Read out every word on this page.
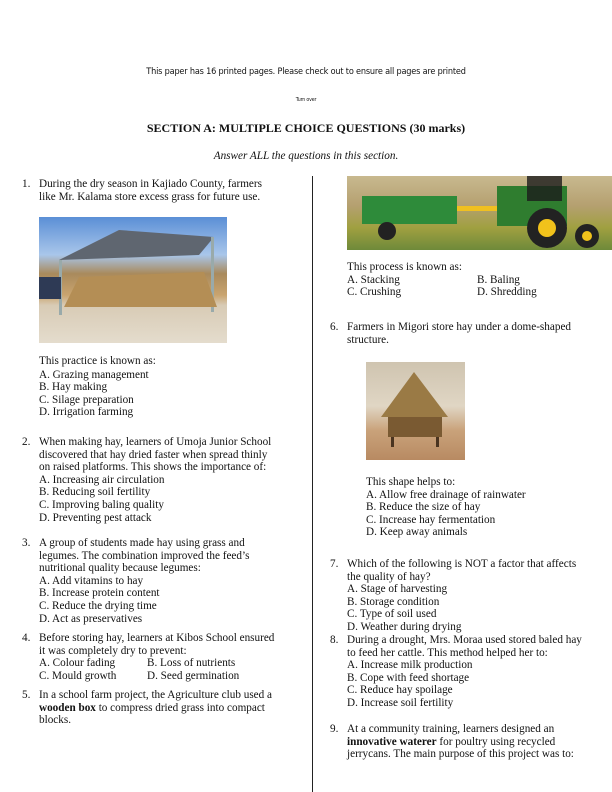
This paper has 16 printed pages. Please check out to ensure all pages are printed
Turn over
SECTION A: MULTIPLE CHOICE QUESTIONS (30 marks)
Answer ALL the questions in this section.
1. During the dry season in Kajiado County, farmers
like Mr. Kalama store excess grass for future use.
This practice is known as:
A. Grazing management
B. Hay making
C. Silage preparation
D. Irrigation farming
2. When making hay, learners of Umoja Junior School
discovered that hay dried faster when spread thinly
on raised platforms. This shows the importance of:
A. Increasing air circulation
B. Reducing soil fertility
C. Improving baling quality
D. Preventing pest attack
3. A group of students made hay using grass and
legumes. The combination improved the feed’s
nutritional quality because legumes:
A. Add vitamins to hay
B. Increase protein content
C. Reduce the drying time
D. Act as preservatives
4. Before storing hay, learners at Kibos School ensured
it was completely dry to prevent:
A. Colour fading	B. Loss of nutrients
C. Mould growth	D. Seed germination
5. In a school farm project, the Agriculture club used a
wooden box to compress dried grass into compact
blocks.
This process is known as:
A. Stacking	B. Baling
C. Crushing	D. Shredding
6. Farmers in Migori store hay under a dome-shaped
structure.
This shape helps to:
A. Allow free drainage of rainwater
B. Reduce the size of hay
C. Increase hay fermentation
D. Keep away animals
7. Which of the following is NOT a factor that affects
the quality of hay?
A. Stage of harvesting
B. Storage condition
C. Type of soil used
D. Weather during drying
8. During a drought, Mrs. Moraa used stored baled hay
to feed her cattle. This method helped her to:
A. Increase milk production
B. Cope with feed shortage
C. Reduce hay spoilage
D. Increase soil fertility
9. At a community training, learners designed an
innovative waterer for poultry using recycled
jerrycans. The main purpose of this project was to:
